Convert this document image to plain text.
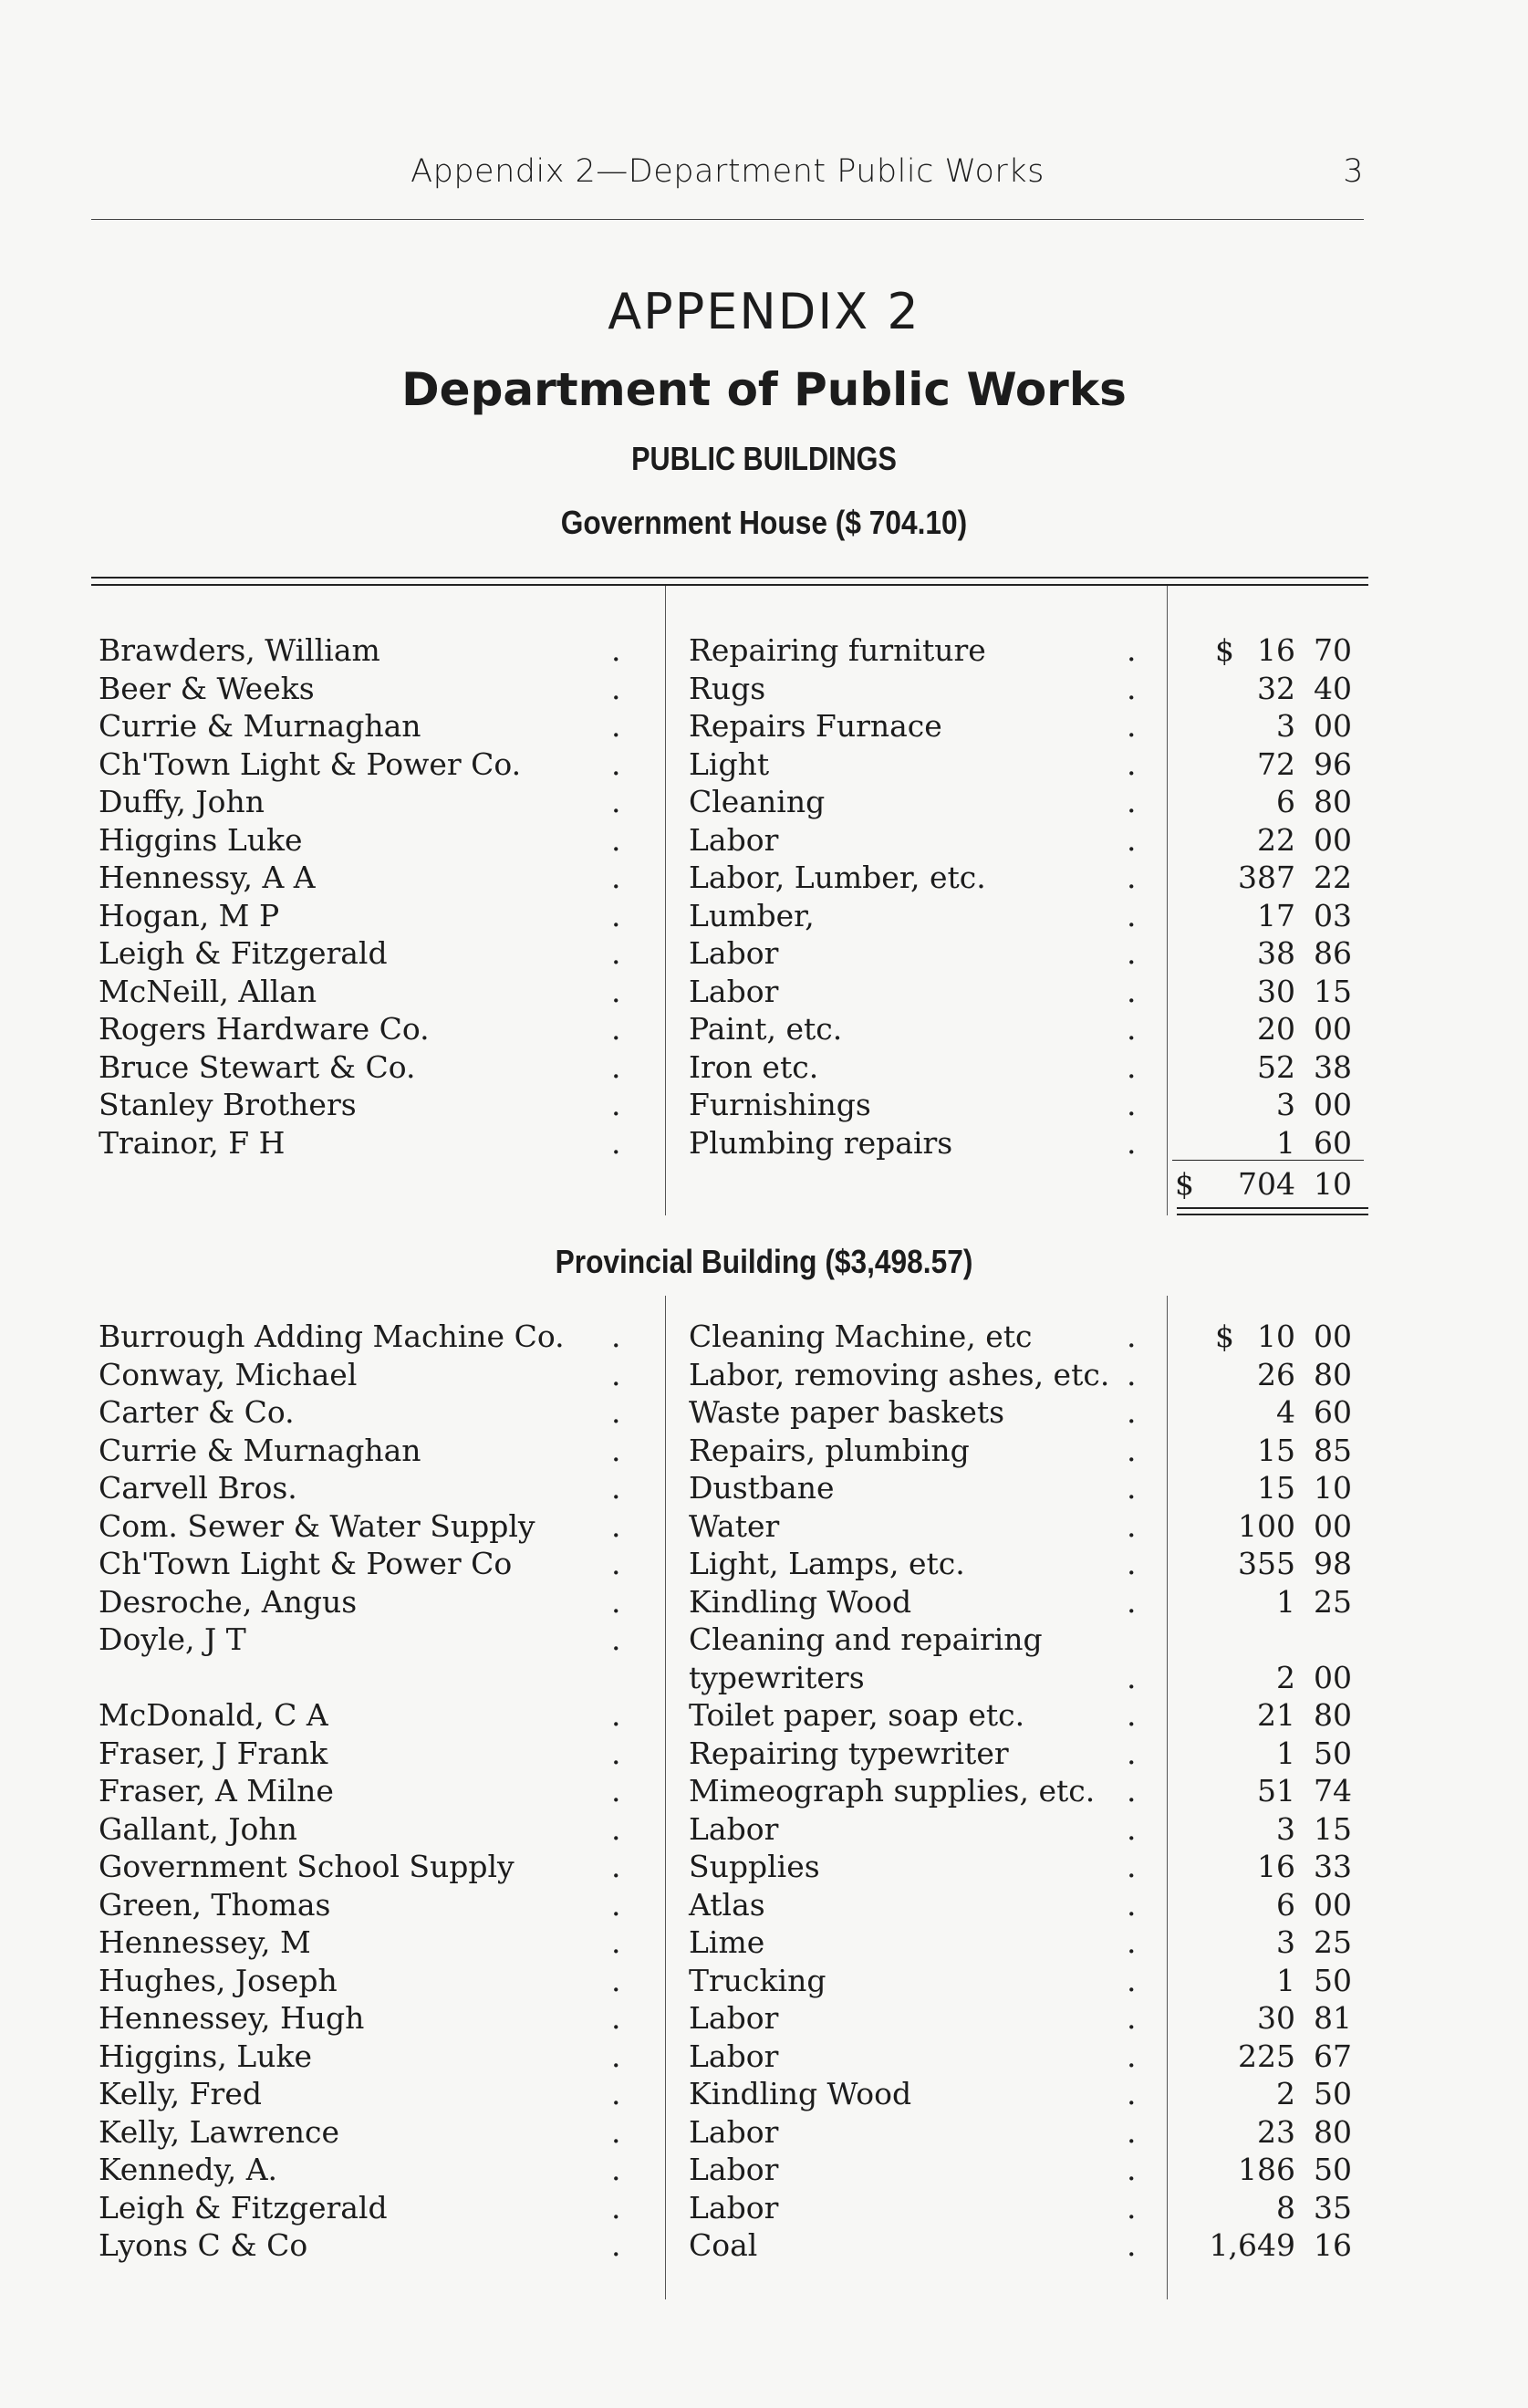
Appendix 2—Department Public Works	3
APPENDIX 2
Department of Public Works
PUBLIC BUILDINGS
Government House ($ 704.10)
Brawders, William	. Repairing furniture	.	$ 16 70
Beer & Weeks	. Rugs	.	32 40
Currie & Murnaghan	. Repairs Furnace	.	3 00
Ch'Town Light & Power Co.	. Light	.	72 96
Duffy, John	. Cleaning	.	6 80
Higgins Luke	. Labor	.	22 00
Hennessy, A A	. Labor, Lumber, etc.	.	387 22
Hogan, M P	. Lumber,	.	17 03
Leigh & Fitzgerald	. Labor	.	38 86
McNeill, Allan	. Labor	.	30 15
Rogers Hardware Co.	. Paint, etc.	.	20 00
Bruce Stewart & Co.	. Iron etc.	.	52 38
Stanley Brothers	. Furnishings	.	3 00
Trainor, F H	. Plumbing repairs	.	1 60
$	704 10
Provincial Building ($3,498.57)
Burrough Adding Machine Co. . Cleaning Machine, etc	.	$ 10 00
Conway, Michael	. Labor, removing ashes, etc. .	26 80
Carter & Co.	. Waste paper baskets	.	4 60
Currie & Murnaghan	. Repairs, plumbing	.	15 85
Carvell Bros.	. Dustbane	.	15 10
Com. Sewer & Water Supply	. Water	.	100 00
Ch'Town Light & Power Co	. Light, Lamps, etc.	.	355 98
Desroche, Angus	. Kindling Wood	.	1 25
Doyle, J T	. Cleaning and repairing
typewriters	.	2 00
McDonald, C A	. Toilet paper, soap etc.	.	21 80
Fraser, J Frank	. Repairing typewriter	.	1 50
Fraser, A Milne	. Mimeograph supplies, etc. .	51 74
Gallant, John	. Labor	.	3 15
Government School Supply	. Supplies	.	16 33
Green, Thomas	. Atlas	.	6 00
Hennessey, M	. Lime	.	3 25
Hughes, Joseph	. Trucking	.	1 50
Hennessey, Hugh	. Labor	.	30 81
Higgins, Luke	. Labor	.	225 67
Kelly, Fred	. Kindling Wood	.	2 50
Kelly, Lawrence	. Labor	.	23 80
Kennedy, A.	. Labor	.	186 50
Leigh & Fitzgerald	. Labor	.	8 35
Lyons C & Co	. Coal	.	1,649 16
